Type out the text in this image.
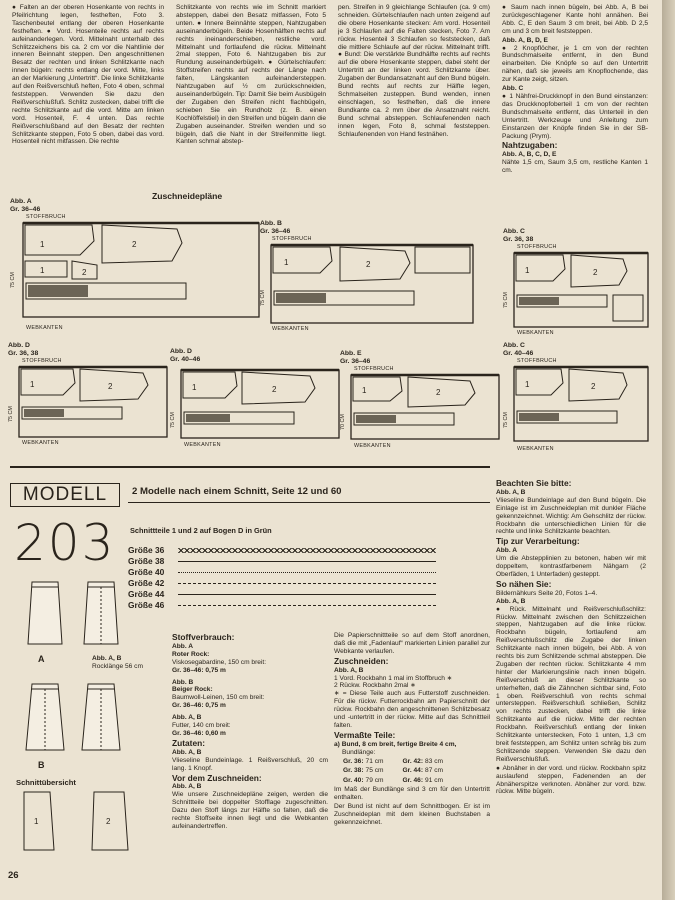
● Falten an der oberen Hosenkante von rechts in Pfeilrichtung legen, festheften, Foto 3. Taschenbeutel entlang der oberen Hosenkante festheften. ● Vord. Hosenteile rechts auf rechts aufeinanderlegen. Vord. Mittelnaht unterhalb des Schlitzzeichens bis ca. 2 cm vor die Nahtlinie der inneren Beinnaht steppen. Den angeschnittenen Besatz der rechten und linken Schlitzkante nach innen bügeln: rechts entlang der vord. Mitte, links an der Markierung „Untertritt“. Die linke Schlitzkante auf den Reißverschluß heften, Foto 4 oben, schmal feststeppen. Verwenden Sie dazu den Reißverschlußfuß. Schlitz zustecken, dabei trifft die rechte Schlitzkante auf die vord. Mitte am linken vord. Hosenteil, F. 4 unten. Das rechte Reißverschlußband auf den Besatz der rechten Schlitzkante steppen, Foto 5 oben, dabei das vord. Hosenteil nicht mitfassen. Die rechte

Schlitzkante von rechts wie im Schnitt markiert absteppen, dabei den Besatz mitfassen, Foto 5 unten. ● Innere Beinnähte steppen, Nahtzugaben auseinanderbügeln. Beide Hosenhälften rechts auf rechts ineinanderschieben, restliche vord. Mittelnaht und fortlaufend die rückw. Mittelnaht 2mal steppen, Foto 6. Nahtzugaben bis zur Rundung auseinanderbügeln. ● Gürtelschlaufen: Stoffstreifen rechts auf rechts der Länge nach falten, Längskanten aufeinandersteppen. Nahtzugaben auf ½ cm zurückschneiden, auseinanderbügeln. Tip: Damit Sie beim Ausbügeln der Zugaben den Streifen nicht flachbügeln, schieben Sie ein Rundholz (z. B. einen Kochlöffelstiel) in den Streifen und bügeln dann die Zugaben auseinander. Streifen wenden und so bügeln, daß die Naht in der Streifenmitte liegt. Kanten schmal abstep-

pen. Streifen in 9 gleichlange Schlaufen (ca. 9 cm) schneiden. Gürtelschlaufen nach unten zeigend auf die obere Hosenkante stecken: Am vord. Hosenteil je 3 Schlaufen auf die Falten stecken, Foto 7. Am rückw. Hosenteil 3 Schlaufen so feststecken, daß die mittlere Schlaufe auf der rückw. Mittelnaht trifft. ● Bund: Die verstärkte Bundhälfte rechts auf rechts auf die obere Hosenkante steppen, dabei steht der Untertritt an der linken vord. Schlitzkante über. Zugaben der Bundansatznaht auf den Bund bügeln. Bund rechts auf rechts zur Hälfte legen, Schmalseiten zusteppen. Bund wenden, innen einschlagen, so festheften, daß die innere Bundkante ca. 2 mm über die Ansatznaht reicht. Bund schmal absteppen. Schlaufenenden nach innen legen, Foto 8, schmal feststeppen. Schlaufenenden von Hand festnähen.

● Saum nach innen bügeln, bei Abb. A, B bei zurückgeschlagener Kante hohl annähen. Bei Abb. C, E den Saum 3 cm breit, bei Abb. D 2,5 cm und 3 cm breit feststeppen.

Abb. A, B, D, E

● 2 Knopflöcher, je 1 cm von der rechten Bundschmalseite entfernt, in den Bund einarbeiten. Die Knöpfe so auf den Untertritt nähen, daß sie jeweils am Knopflochende, das zur Kante zeigt, sitzen.

Abb. C

● 1 Nähfrei-Druckknopf in den Bund einstanzen: das Druckknopfoberteil 1 cm von der rechten Bundschmalseite entfernt, das Unterteil in den Untertritt. Werkzeuge und Anleitung zum Einstanzen der Knöpfe finden Sie in der SB-Packung (Prym).

Nahtzugaben:
Abb. A, B, C, D, E

Nähte 1,5 cm, Saum 3,5 cm, restliche Kanten 1 cm.

Zuschneidepläne
Abb. A
Gr. 36–46
STOFFBRUCH
75 CM
1	2
1	2
WEBKANTEN
Abb. B
Gr. 36–46
STOFFBRUCH
75 CM
1	2
WEBKANTEN
Abb. C
Gr. 36, 38
STOFFBRUCH
75 CM
1	2
WEBKANTEN
Abb. D
Gr. 36, 38
STOFFBRUCH
75 CM
1	2
WEBKANTEN
Abb. D
Gr. 40–46
75 CM
1	2
WEBKANTEN
Abb. E
Gr. 36–46
STOFFBRUCH
70 CM
1	2
WEBKANTEN
Abb. C
Gr. 40–46
STOFFBRUCH
75 CM
1	2
WEBKANTEN
MODELL
203
2 Modelle nach einem Schnitt, Seite 12 und 60
Schnittteile 1 und 2 auf Bogen D in Grün
Größe 36
Größe 38
Größe 40
Größe 42
Größe 44
Größe 46
A	Abb. A, B
Rocklänge 56 cm
B
Schnittübersicht
1	2
26
Stoffverbrauch:
Abb. A
Roter Rock:
Viskosegabardine, 150 cm breit:
Gr. 36–46: 0,75 m
Abb. B
Beiger Rock:
Baumwoll-Leinen, 150 cm breit:
Gr. 36–46: 0,75 m
Abb. A, B
Futter, 140 cm breit:
Gr. 36–46: 0,60 m
Zutaten:
Abb. A, B
Vlieseline Bundeinlage. 1 Reißverschluß, 20 cm lang. 1 Knopf.
Vor dem Zuschneiden:
Abb. A, B
Wie unsere Zuschneidepläne zeigen, werden die Schnittteile bei doppelter Stofflage zugeschnitten. Dazu den Stoff längs zur Hälfte so falten, daß die rechte Stoffseite innen liegt und die Webkanten aufeinandertreffen.

Die Papierschnittteile so auf dem Stoff anordnen, daß die mit „Fadenlauf“ markierten Linien parallel zur Webkante verlaufen.

Zuschneiden:
Abb. A, B
1 Vord. Rockbahn 1 mal im Stoffbruch ∗
2 Rückw. Rockbahn 2mal ∗

∗ = Diese Teile auch aus Futterstoff zuschneiden. Für die rückw. Futterrockbahn am Papierschnitt der rückw. Rockbahn den angeschnittenen Schlitzbesatz und -untertritt in der rückw. Mitte auf das Schnittteil falten.

Vermaßte Teile:
a) Bund, 8 cm breit, fertige Breite 4 cm,
Bundlänge:
Gr. 36:	71 cm	Gr. 42:	83 cm
Gr. 38:	75 cm	Gr. 44:	87 cm
Gr. 40:	79 cm	Gr. 46:	91 cm

Im Maß der Bundlänge sind 3 cm für den Untertritt enthalten.

Der Bund ist nicht auf dem Schnittbogen. Er ist im Zuschneideplan mit dem kleinen Buchstaben a gekennzeichnet.

Beachten Sie bitte:
Abb. A, B

Vlieseline Bundeinlage auf den Bund bügeln. Die Einlage ist im Zuschneideplan mit dunkler Fläche gekennzeichnet. Wichtig: Am Gehschlitz der rückw. Rockbahn die unterschiedlichen Linien für die rechte und linke Schlitzkante beachten.

Tip zur Verarbeitung:
Abb. A

Um die Abstepplinien zu betonen, haben wir mit doppeltem, kontrastfarbenem Nähgarn (2 Oberfäden, 1 Unterfaden) gesteppt.

So nähen Sie:
Bildernähkurs Seite 20, Fotos 1–4.
Abb. A, B

● Rück. Mittelnaht und Reißverschlußschlitz: Rückw. Mittelnaht zwischen den Schlitzzeichen steppen, Nahtzugaben auf die linke rückw. Rockbahn bügeln, fortlaufend am Reißverschlußschlitz die Zugabe der linken Schlitzkante nach innen bügeln, bei Abb. A von rechts bis zum Schlitzende schmal absteppen. Die Zugaben der rechten rückw. Schlitzkante 4 mm hinter der Markierungslinie nach innen bügeln. Reißverschluß an dieser Schlitzkante so unterheften, daß die Zähnchen sichtbar sind, Foto 1 oben. Reißverschluß von rechts schmal untersteppen. Reißverschluß schließen, Schlitz von rechts zustecken, dabei trifft die linke Schlitzkante auf die rückw. Mitte der rechten Rockbahn. Reißverschluß entlang der linken Schlitzkante unterstecken, Foto 1 unten, 1,3 cm breit feststeppen, am Schlitz unten schräg bis zum Schlitzende steppen. Verwenden Sie dazu den Reißverschlußfuß.

● Abnäher in der vord. und rückw. Rockbahn spitz auslaufend steppen, Fadenenden an der Abnäherspitze verknoten. Abnäher zur vord. bzw. rückw. Mitte bügeln.
